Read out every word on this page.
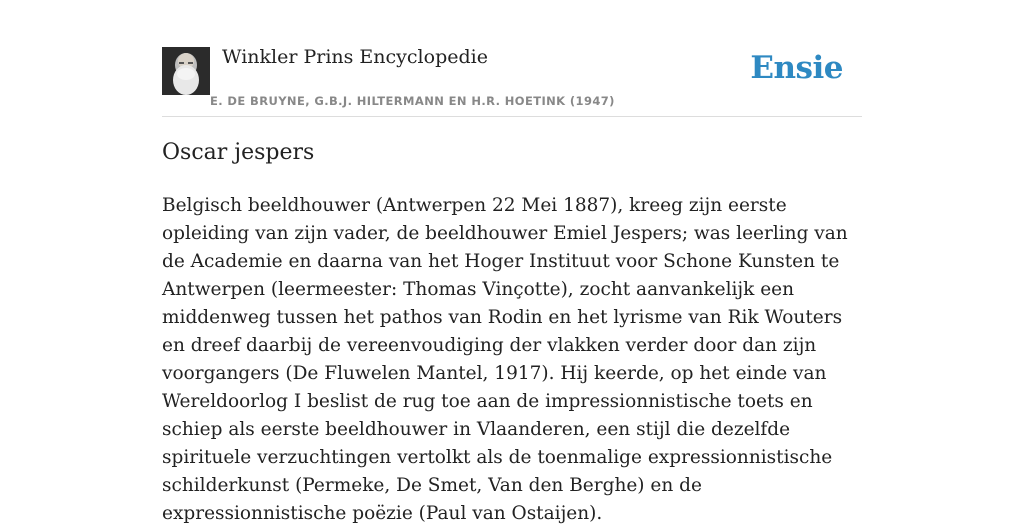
Winkler Prins Encyclopedie
E. DE BRUYNE, G.B.J. HILTERMANN EN H.R. HOETINK (1947)
Ensie
Oscar jespers

Belgisch beeldhouwer (Antwerpen 22 Mei 1887), kreeg zijn eerste opleiding van zijn vader, de beeldhouwer Emiel Jespers; was leerling van de Academie en daarna van het Hoger Instituut voor Schone Kunsten te Antwerpen (leermeester: Thomas Vinçotte), zocht aanvankelijk een middenweg tussen het pathos van Rodin en het lyrisme van Rik Wouters en dreef daarbij de vereenvoudiging der vlakken verder door dan zijn voorgangers (De Fluwelen Mantel, 1917). Hij keerde, op het einde van Wereldoorlog I beslist de rug toe aan de impressionnistische toets en schiep als eerste beeldhouwer in Vlaanderen, een stijl die dezelfde spirituele verzuchtingen vertolkt als de toenmalige expressionnistische schilderkunst (Permeke, De Smet, Van den Berghe) en de expressionnistische poëzie (Paul van Ostaijen).
